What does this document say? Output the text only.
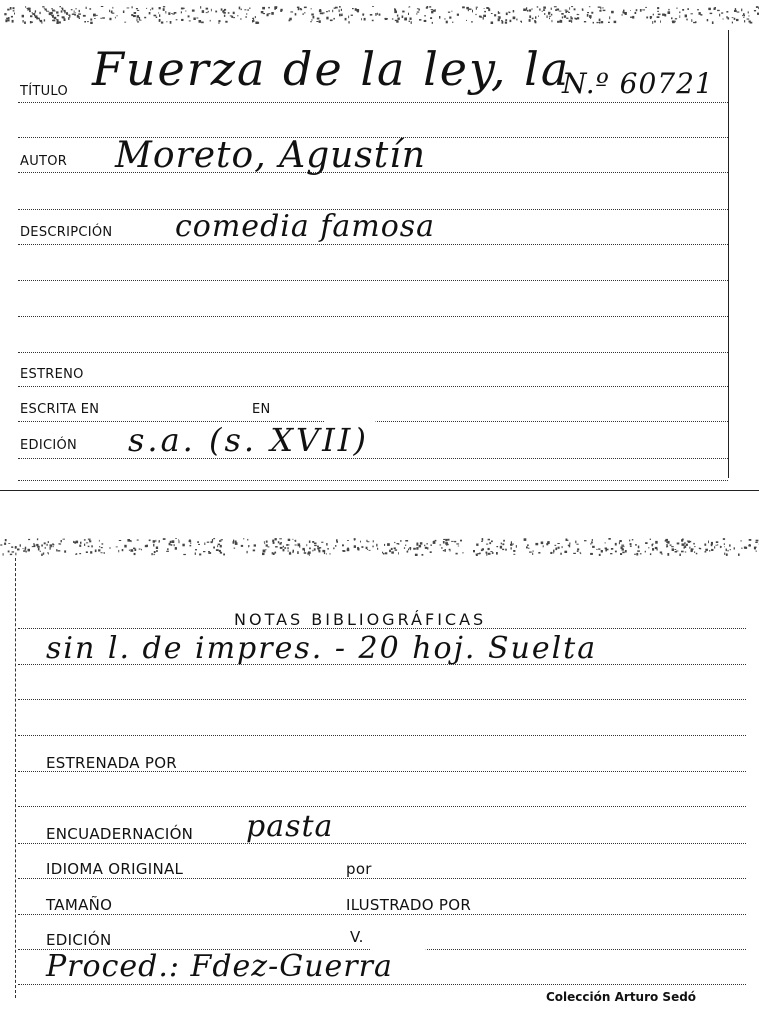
TÍTULO Fuerza de la ley, la
N.º 60721
AUTOR Moreto, Agustín
DESCRIPCIÓN comedia famosa
ESTRENO
ESCRITA EN	EN
EDICIÓN s.a. (s. XVII)
NOTAS BIBLIOGRÁFICAS
sin l. de impres. - 20 hoj. Suelta
ESTRENADA POR
ENCUADERNACIÓN pasta
IDIOMA ORIGINAL	por
TAMAÑO	ILUSTRADO POR
EDICIÓN	V.
Proced.: Fdez-Guerra
Colección Arturo Sedó
